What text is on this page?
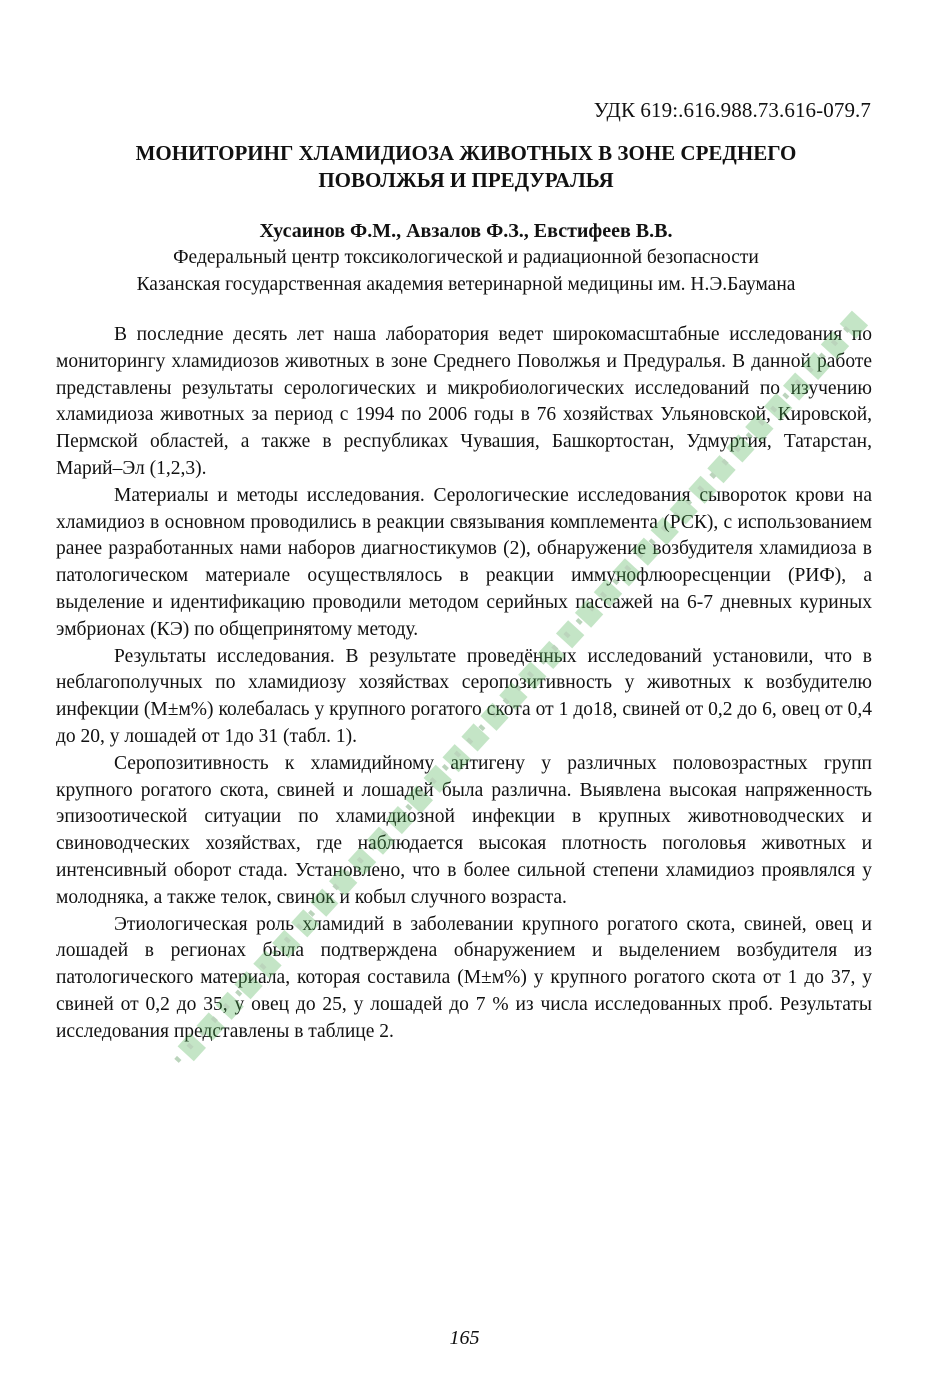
УДК 619:.616.988.73.616-079.7
МОНИТОРИНГ ХЛАМИДИОЗА ЖИВОТНЫХ В ЗОНЕ СРЕДНЕГО
ПОВОЛЖЬЯ И ПРЕДУРАЛЬЯ
Хусаинов Ф.М., Авзалов Ф.З., Евстифеев В.В.
Федеральный центр токсикологической и радиационной безопасности
Казанская государственная академия ветеринарной медицины им. Н.Э.Баумана

В последние десять лет наша лаборатория ведет широкомасштабные исследования по мониторингу хламидиозов животных в зоне Среднего Поволжья и Предуралья. В данной работе представлены результаты серологических и микробиологических исследований по изучению хламидиоза животных за период с 1994 по 2006 годы в 76 хозяйствах Ульяновской, Кировской, Пермской областей, а также в республиках Чувашия, Башкортостан, Удмуртия, Татарстан, Марий–Эл (1,2,3).

Материалы и методы исследования. Серологические исследования сывороток крови на хламидиоз в основном проводились в реакции связывания комплемента (РСК), с использованием ранее разработанных нами наборов диагностикумов (2), обнаружение возбудителя хламидиоза в патологическом материале осуществлялось в реакции иммунофлюоресценции (РИФ), а выделение и идентификацию проводили методом серийных пассажей на 6-7 дневных куриных эмбрионах (КЭ) по общепринятому методу.

Результаты исследования. В результате проведённых исследований установили, что в неблагополучных по хламидиозу хозяйствах серопозитивность у животных к возбудителю инфекции (М±м%) колебалась у крупного рогатого скота от 1 до18, свиней от 0,2 до 6, овец от 0,4 до 20, у лошадей от 1до 31 (табл. 1).

Серопозитивность к хламидийному антигену у различных половозрастных групп крупного рогатого скота, свиней и лошадей была различна. Выявлена высокая напряженность эпизоотической ситуации по хламидиозной инфекции в крупных животноводческих и свиноводческих хозяйствах, где наблюдается высокая плотность поголовья животных и интенсивный оборот стада. Установлено, что в более сильной степени хламидиоз проявлялся у молодняка, а также телок, свинок и кобыл случного возраста.

Этиологическая роль хламидий в заболевании крупного рогатого скота, свиней, овец и лошадей в регионах была подтверждена обнаружением и выделением возбудителя из патологического материала, которая составила (М±м%) у крупного рогатого скота от 1 до 37, у свиней от 0,2 до 35, у овец до 25, у лошадей до 7 % из числа исследованных проб. Результаты исследования представлены в таблице 2.

165
